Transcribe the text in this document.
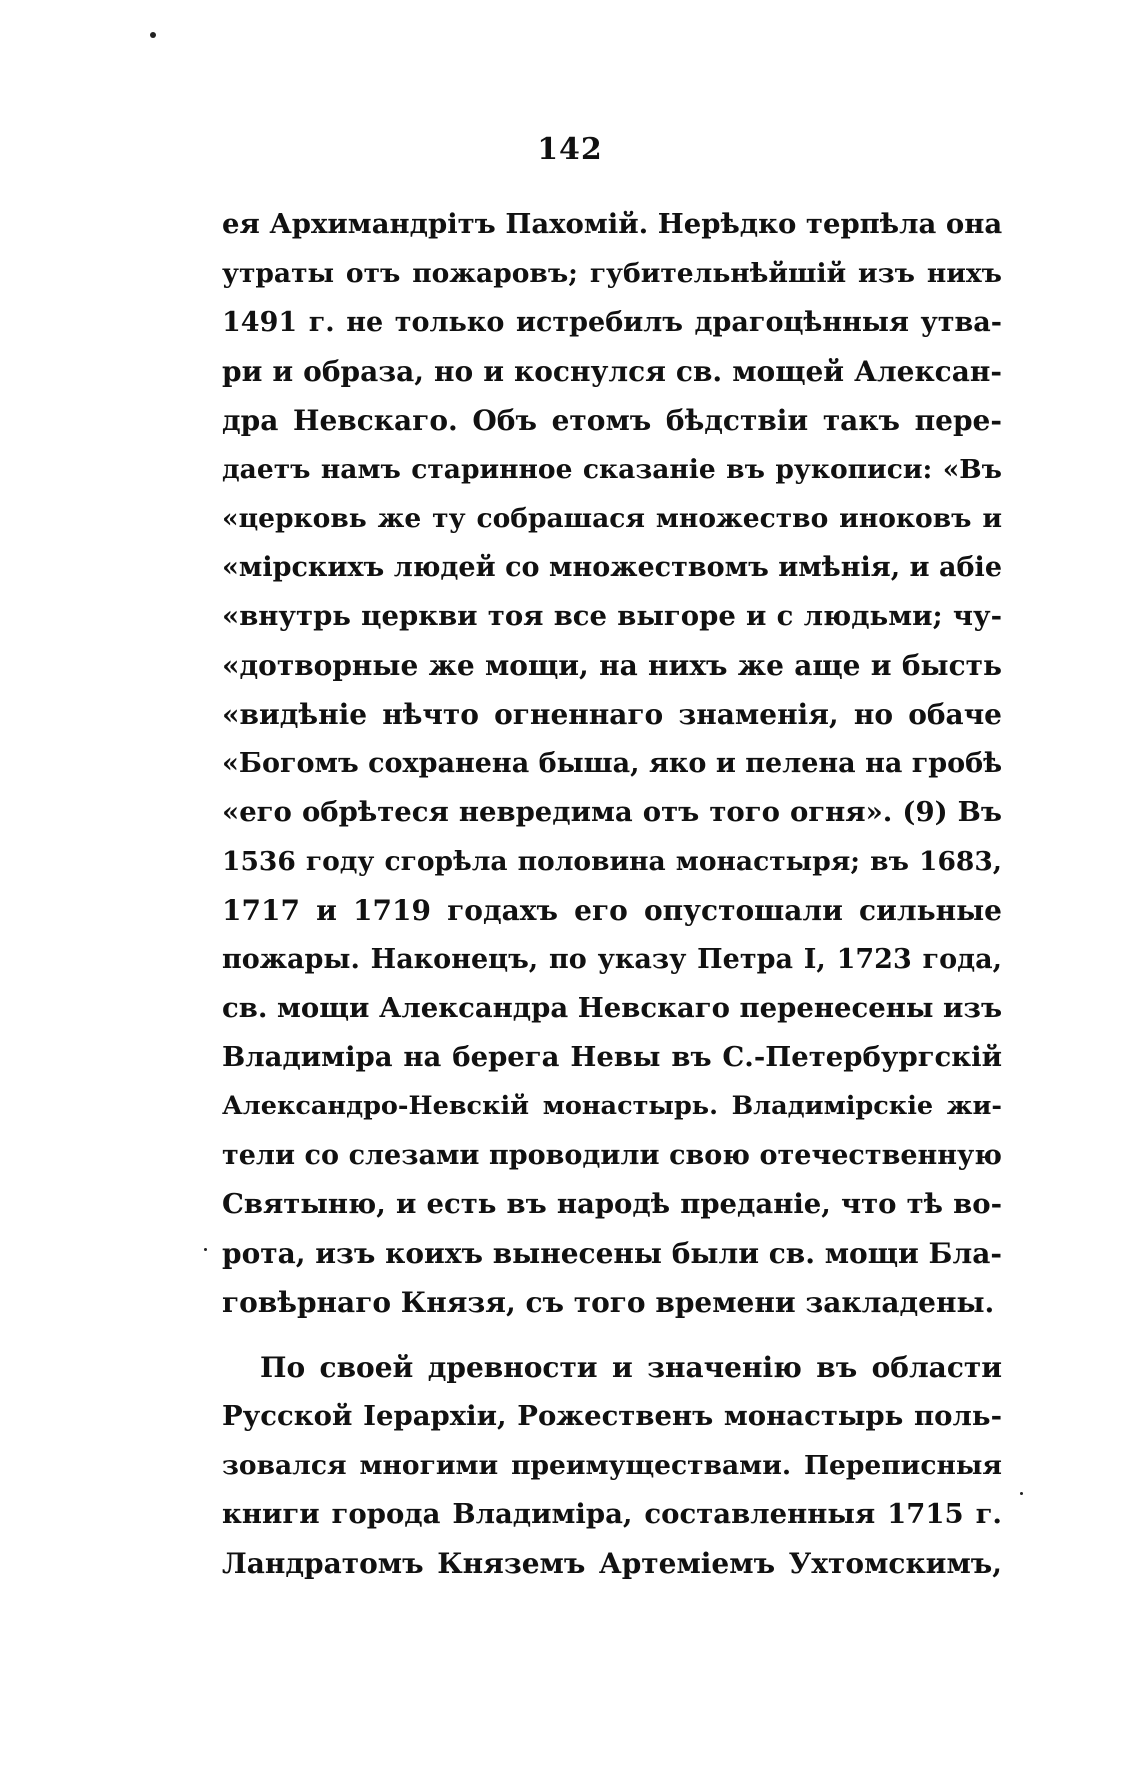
142
ея Архимандрітъ Пахомій. Нерѣдко терпѣла она
утраты отъ пожаровъ; губительнѣйшій изъ нихъ
1491 г. не только истребилъ драгоцѣнныя утва-
ри и образа, но и коснулся св. мощей Алексан-
дра Невскаго. Объ етомъ бѣдствіи такъ пере-
даетъ намъ старинное сказаніе въ рукописи: «Въ
«церковь же ту собрашася множество иноковъ и
«мірскихъ людей со множествомъ имѣнія, и абіе
«внутрь церкви тоя все выгоре и с людьми; чу-
«дотворные же мощи, на нихъ же аще и бысть
«видѣніе нѣчто огненнаго знаменія, но обаче
«Богомъ сохранена быша, яко и пелена на гробѣ
«его обрѣтеся невредима отъ того огня». (9) Въ
1536 году сгорѣла половина монастыря; въ 1683,
1717 и 1719 годахъ его опустошали сильные
пожары. Наконецъ, по указу Петра I, 1723 года,
св. мощи Александра Невскаго перенесены изъ
Владиміра на берега Невы въ С.-Петербургскій
Александро-Невскій монастырь. Владимірскіе жи-
тели со слезами проводили свою отечественную
Святыню, и есть въ народѣ преданіе, что тѣ во-
рота, изъ коихъ вынесены были св. мощи Бла-
говѣрнаго Князя, съ того времени закладены.
По своей древности и значенію въ области
Русской Іерархіи, Рожественъ монастырь поль-
зовался многими преимуществами. Переписныя
книги города Владиміра, составленныя 1715 г.
Ландратомъ Княземъ Артеміемъ Ухтомскимъ,
